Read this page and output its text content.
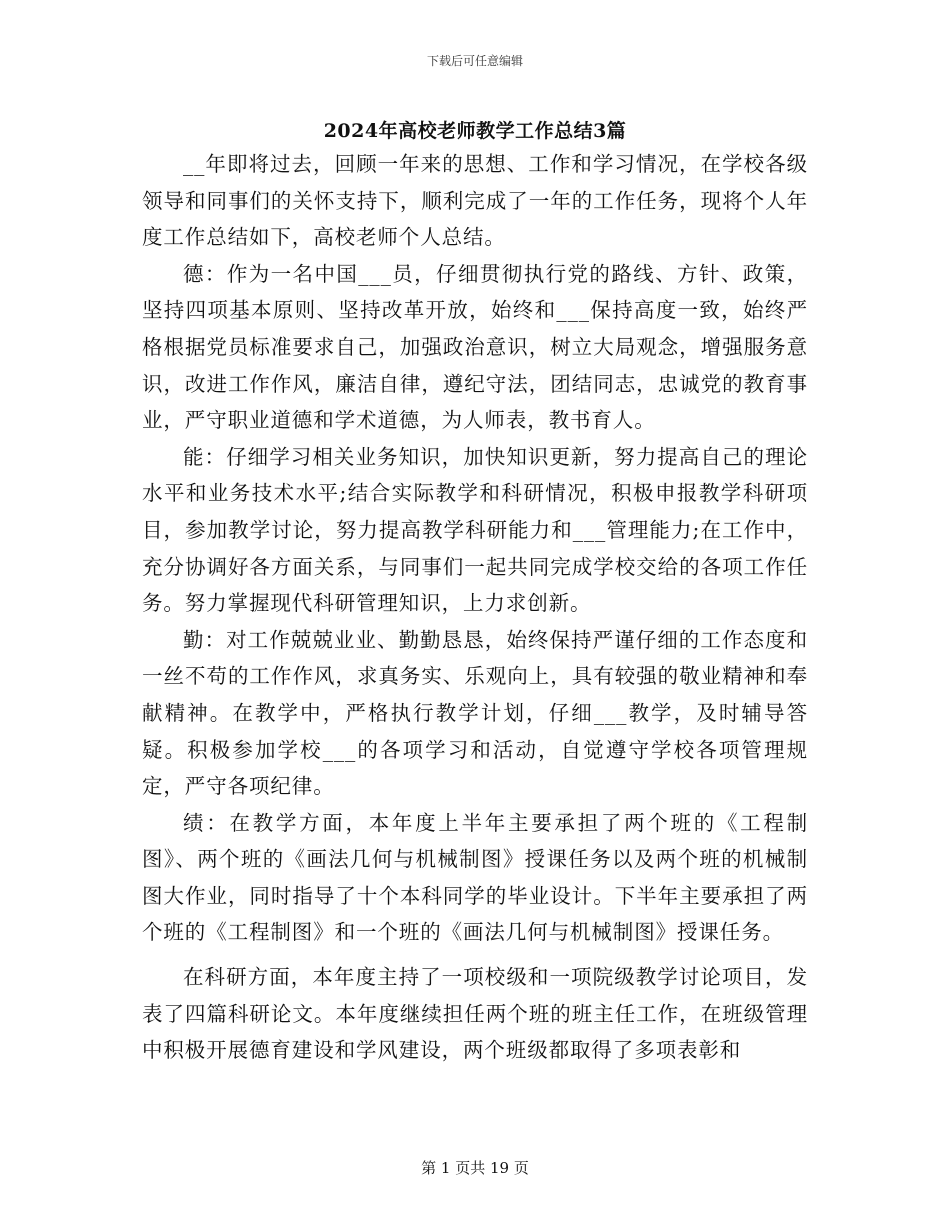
下载后可任意编辑
2024年高校老师教学工作总结3篇

__年即将过去，回顾一年来的思想、工作和学习情况，在学校各级领导和同事们的关怀支持下，顺利完成了一年的工作任务，现将个人年度工作总结如下，高校老师个人总结。

德：作为一名中国___员，仔细贯彻执行党的路线、方针、政策，坚持四项基本原则、坚持改革开放，始终和___保持高度一致，始终严格根据党员标准要求自己，加强政治意识，树立大局观念，增强服务意识，改进工作作风，廉洁自律，遵纪守法，团结同志，忠诚党的教育事业，严守职业道德和学术道德，为人师表，教书育人。

能：仔细学习相关业务知识，加快知识更新，努力提高自己的理论水平和业务技术水平;结合实际教学和科研情况，积极申报教学科研项目，参加教学讨论，努力提高教学科研能力和___管理能力;在工作中，充分协调好各方面关系，与同事们一起共同完成学校交给的各项工作任务。努力掌握现代科研管理知识，上力求创新。

勤：对工作兢兢业业、勤勤恳恳，始终保持严谨仔细的工作态度和一丝不苟的工作作风，求真务实、乐观向上，具有较强的敬业精神和奉献精神。在教学中，严格执行教学计划，仔细___教学，及时辅导答疑。积极参加学校___的各项学习和活动，自觉遵守学校各项管理规定，严守各项纪律。

绩：在教学方面，本年度上半年主要承担了两个班的《工程制图》、两个班的《画法几何与机械制图》授课任务以及两个班的机械制图大作业，同时指导了十个本科同学的毕业设计。下半年主要承担了两个班的《工程制图》和一个班的《画法几何与机械制图》授课任务。

在科研方面，本年度主持了一项校级和一项院级教学讨论项目，发表了四篇科研论文。本年度继续担任两个班的班主任工作，在班级管理中积极开展德育建设和学风建设，两个班级都取得了多项表彰和

第 1 页共 19 页
